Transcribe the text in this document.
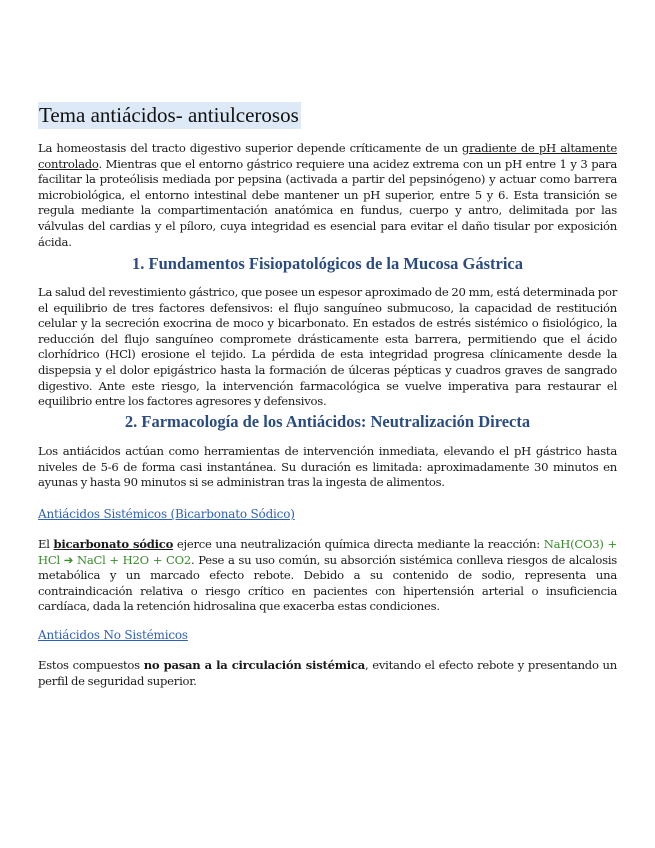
Tema antiácidos- antiulcerosos

La homeostasis del tracto digestivo superior depende críticamente de un gradiente de pH altamente controlado. Mientras que el entorno gástrico requiere una acidez extrema con un pH entre 1 y 3 para facilitar la proteólisis mediada por pepsina (activada a partir del pepsinógeno) y actuar como barrera microbiológica, el entorno intestinal debe mantener un pH superior, entre 5 y 6. Esta transición se regula mediante la compartimentación anatómica en fundus, cuerpo y antro, delimitada por las válvulas del cardias y el píloro, cuya integridad es esencial para evitar el daño tisular por exposición ácida.

1. Fundamentos Fisiopatológicos de la Mucosa Gástrica

La salud del revestimiento gástrico, que posee un espesor aproximado de 20 mm, está determinada por el equilibrio de tres factores defensivos: el flujo sanguíneo submucoso, la capacidad de restitución celular y la secreción exocrina de moco y bicarbonato. En estados de estrés sistémico o fisiológico, la reducción del flujo sanguíneo compromete drásticamente esta barrera, permitiendo que el ácido clorhídrico (HCl) erosione el tejido. La pérdida de esta integridad progresa clínicamente desde la dispepsia y el dolor epigástrico hasta la formación de úlceras pépticas y cuadros graves de sangrado digestivo. Ante este riesgo, la intervención farmacológica se vuelve imperativa para restaurar el equilibrio entre los factores agresores y defensivos.

2. Farmacología de los Antiácidos: Neutralización Directa

Los antiácidos actúan como herramientas de intervención inmediata, elevando el pH gástrico hasta niveles de 5-6 de forma casi instantánea. Su duración es limitada: aproximadamente 30 minutos en ayunas y hasta 90 minutos si se administran tras la ingesta de alimentos.

Antiácidos Sistémicos (Bicarbonato Sódico)

El bicarbonato sódico ejerce una neutralización química directa mediante la reacción: NaH(CO3) + HCl ➔ NaCl + H2O + CO2. Pese a su uso común, su absorción sistémica conlleva riesgos de alcalosis metabólica y un marcado efecto rebote. Debido a su contenido de sodio, representa una contraindicación relativa o riesgo crítico en pacientes con hipertensión arterial o insuficiencia cardíaca, dada la retención hidrosalina que exacerba estas condiciones.

Antiácidos No Sistémicos

Estos compuestos no pasan a la circulación sistémica, evitando el efecto rebote y presentando un perfil de seguridad superior.
